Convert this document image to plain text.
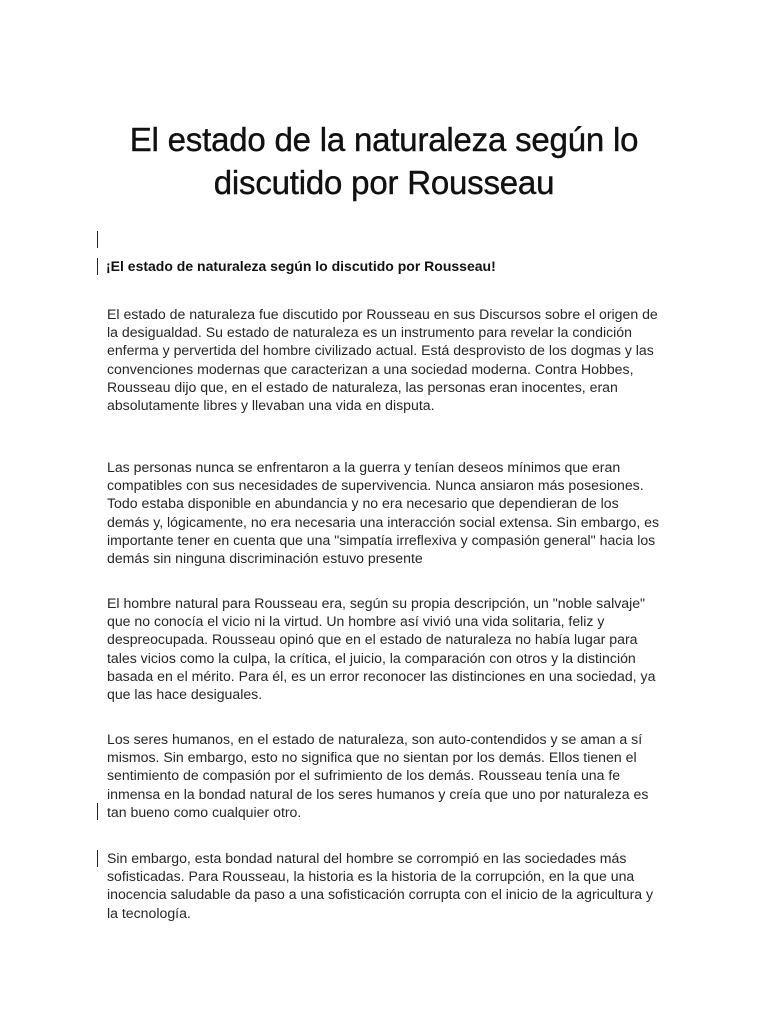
El estado de la naturaleza según lo discutido por Rousseau

¡El estado de naturaleza según lo discutido por Rousseau!

El estado de naturaleza fue discutido por Rousseau en sus Discursos sobre el origen de la desigualdad. Su estado de naturaleza es un instrumento para revelar la condición enferma y pervertida del hombre civilizado actual. Está desprovisto de los dogmas y las convenciones modernas que caracterizan a una sociedad moderna. Contra Hobbes, Rousseau dijo que, en el estado de naturaleza, las personas eran inocentes, eran absolutamente libres y llevaban una vida en disputa.

Las personas nunca se enfrentaron a la guerra y tenían deseos mínimos que eran compatibles con sus necesidades de supervivencia. Nunca ansiaron más posesiones. Todo estaba disponible en abundancia y no era necesario que dependieran de los demás y, lógicamente, no era necesaria una interacción social extensa. Sin embargo, es importante tener en cuenta que una "simpatía irreflexiva y compasión general" hacia los demás sin ninguna discriminación estuvo presente

El hombre natural para Rousseau era, según su propia descripción, un "noble salvaje" que no conocía el vicio ni la virtud. Un hombre así vivió una vida solitaria, feliz y despreocupada. Rousseau opinó que en el estado de naturaleza no había lugar para tales vicios como la culpa, la crítica, el juicio, la comparación con otros y la distinción basada en el mérito. Para él, es un error reconocer las distinciones en una sociedad, ya que las hace desiguales.

Los seres humanos, en el estado de naturaleza, son auto-contendidos y se aman a sí mismos. Sin embargo, esto no significa que no sientan por los demás. Ellos tienen el sentimiento de compasión por el sufrimiento de los demás. Rousseau tenía una fe inmensa en la bondad natural de los seres humanos y creía que uno por naturaleza es tan bueno como cualquier otro.

Sin embargo, esta bondad natural del hombre se corrompió en las sociedades más sofisticadas. Para Rousseau, la historia es la historia de la corrupción, en la que una inocencia saludable da paso a una sofisticación corrupta con el inicio de la agricultura y la tecnología.
